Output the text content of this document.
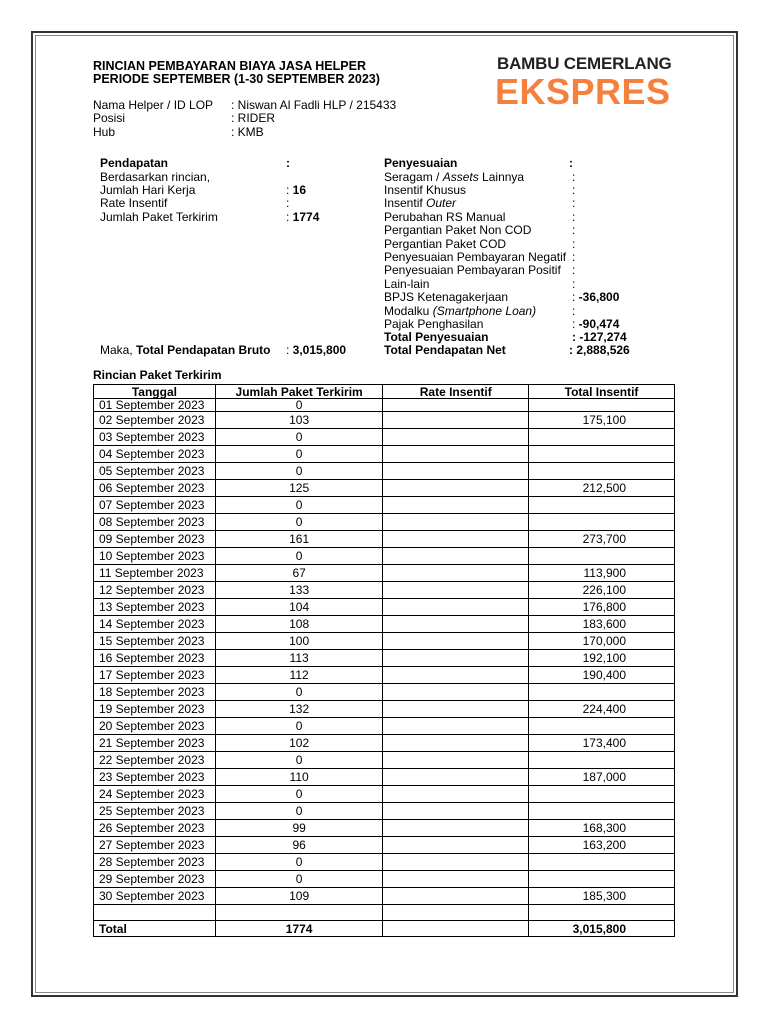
RINCIAN PEMBAYARAN BIAYA JASA HELPER
PERIODE SEPTEMBER (1-30 SEPTEMBER 2023)
BAMBU CEMERLANG
EKSPRES
Nama Helper / ID LOP : Niswan Al Fadli HLP / 215433
Posisi	: RIDER
Hub	: KMB
Pendapatan	:
Berdasarkan rincian,
Jumlah Hari Kerja	: 16
Rate Insentif	:
Jumlah Paket Terkirim	: 1774
Maka, Total Pendapatan Bruto : 3,015,800
Penyesuaian	:
Seragam / Assets Lainnya	:
Insentif Khusus	:
Insentif Outer	:
Perubahan RS Manual	:
Pergantian Paket Non COD	:
Pergantian Paket COD	:
Penyesuaian Pembayaran Negatif :
Penyesuaian Pembayaran Positif :
Lain-lain	:
BPJS Ketenagakerjaan	: -36,800
Modalku (Smartphone Loan)	:
Pajak Penghasilan	: -90,474
Total Penyesuaian	: -127,274
Total Pendapatan Net	: 2,888,526
Rincian Paket Terkirim
Tanggal	Jumlah Paket Terkirim	Rate Insentif	Total Insentif
01 September 2023	0		
02 September 2023	103		175,100
03 September 2023	0		
04 September 2023	0		
05 September 2023	0		
06 September 2023	125		212,500
07 September 2023	0		
08 September 2023	0		
09 September 2023	161		273,700
10 September 2023	0		
11 September 2023	67		113,900
12 September 2023	133		226,100
13 September 2023	104		176,800
14 September 2023	108		183,600
15 September 2023	100		170,000
16 September 2023	113		192,100
17 September 2023	112		190,400
18 September 2023	0		
19 September 2023	132		224,400
20 September 2023	0		
21 September 2023	102		173,400
22 September 2023	0		
23 September 2023	110		187,000
24 September 2023	0		
25 September 2023	0		
26 September 2023	99		168,300
27 September 2023	96		163,200
28 September 2023	0		
29 September 2023	0		
30 September 2023	109		185,300

Total	1774		3,015,800
